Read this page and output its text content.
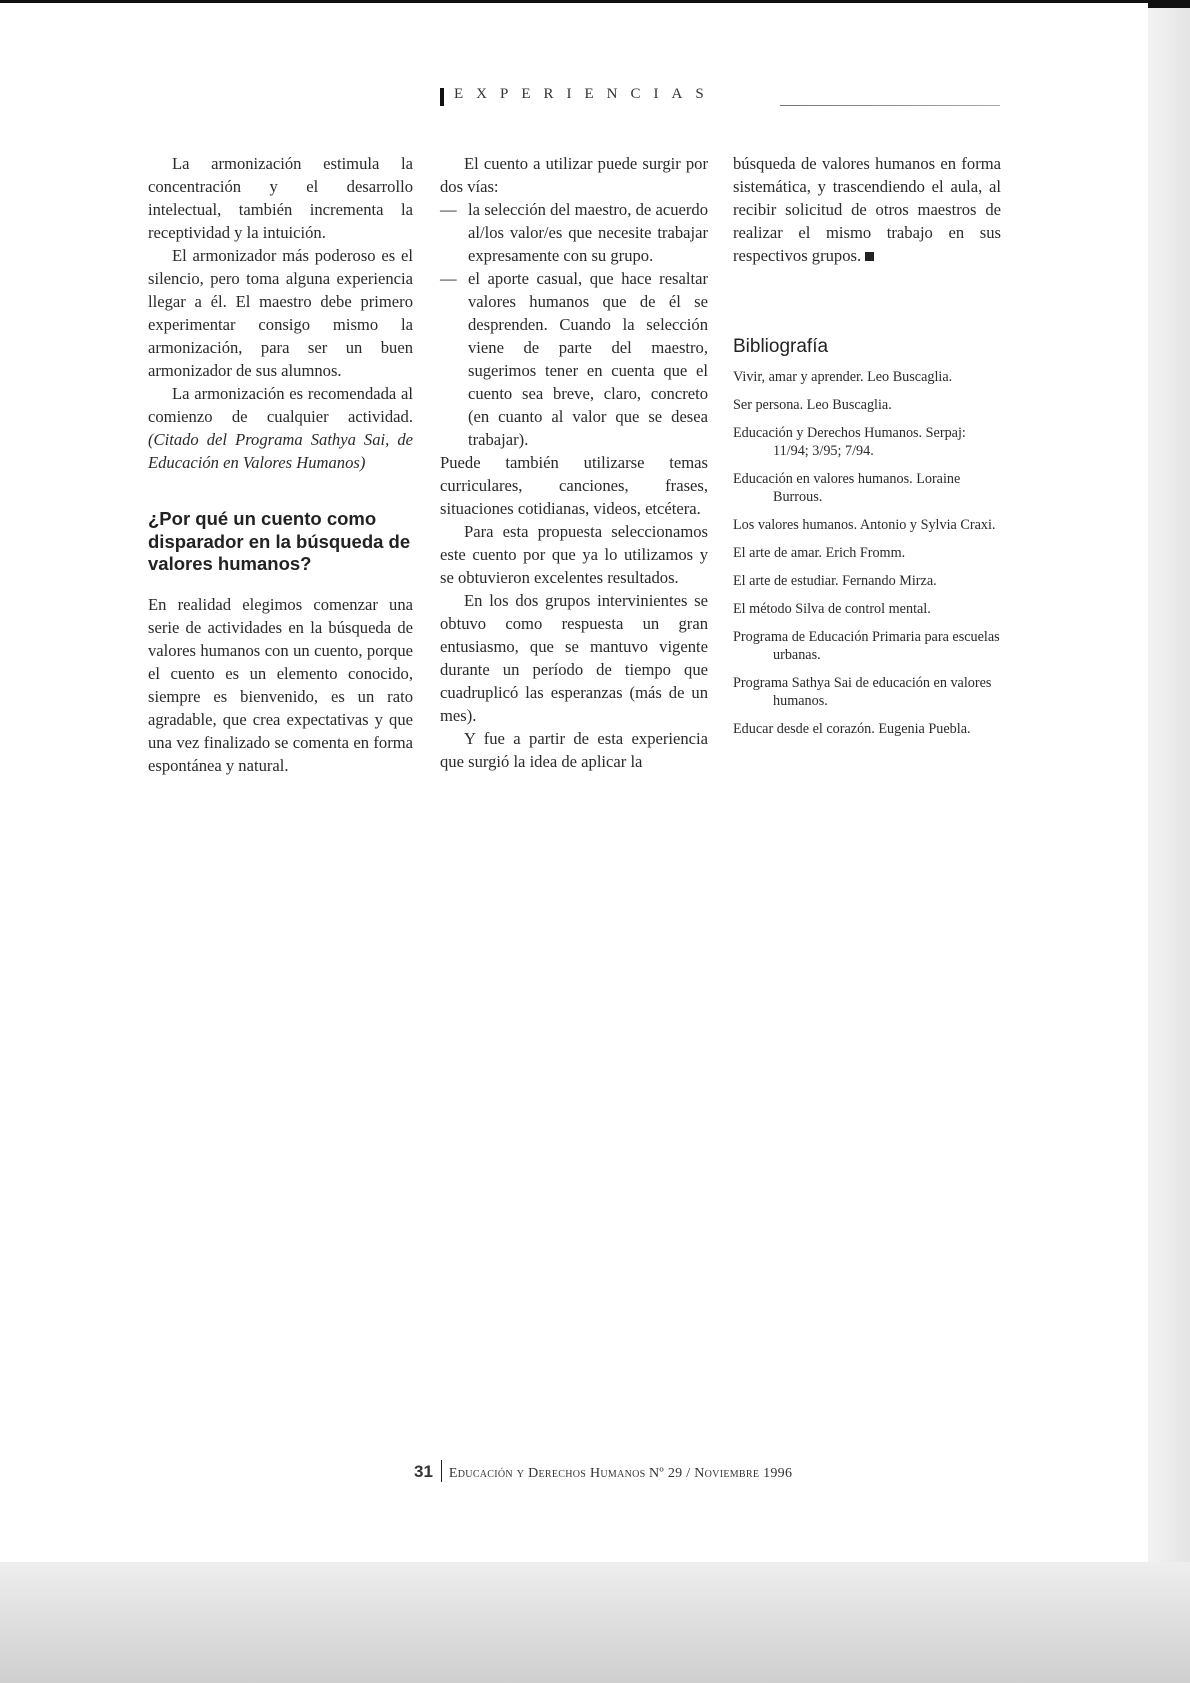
EXPERIENCIAS

La armonización estimula la concentración y el desarrollo intelectual, también incrementa la receptividad y la intuición.

El armonizador más poderoso es el silencio, pero toma alguna experiencia llegar a él. El maestro debe primero experimentar consigo mismo la armonización, para ser un buen armonizador de sus alumnos.

La armonización es recomendada al comienzo de cualquier actividad. (Citado del Programa Sathya Sai, de Educación en Valores Humanos)

¿Por qué un cuento como disparador en la búsqueda de valores humanos?

En realidad elegimos comenzar una serie de actividades en la búsqueda de valores humanos con un cuento, porque el cuento es un elemento conocido, siempre es bienvenido, es un rato agradable, que crea expectativas y que una vez finalizado se comenta en forma espontánea y natural.

El cuento a utilizar puede surgir por dos vías:

— la selección del maestro, de acuerdo al/los valor/es que necesite trabajar expresamente con su grupo.
— el aporte casual, que hace resaltar valores humanos que de él se desprenden. Cuando la selección viene de parte del maestro, sugerimos tener en cuenta que el cuento sea breve, claro, concreto (en cuanto al valor que se desea trabajar).

Puede también utilizarse temas curriculares, canciones, frases, situaciones cotidianas, videos, etcétera.

Para esta propuesta seleccionamos este cuento por que ya lo utilizamos y se obtuvieron excelentes resultados.

En los dos grupos intervinientes se obtuvo como respuesta un gran entusiasmo, que se mantuvo vigente durante un período de tiempo que cuadruplicó las esperanzas (más de un mes).

Y fue a partir de esta experiencia que surgió la idea de aplicar la

búsqueda de valores humanos en forma sistemática, y trascendiendo el aula, al recibir solicitud de otros maestros de realizar el mismo trabajo en sus respectivos grupos.

Bibliografía

Vivir, amar y aprender. Leo Buscaglia.
Ser persona. Leo Buscaglia.
Educación y Derechos Humanos. Serpaj: 11/94; 3/95; 7/94.
Educación en valores humanos. Loraine Burrous.
Los valores humanos. Antonio y Sylvia Craxi.
El arte de amar. Erich Fromm.
El arte de estudiar. Fernando Mirza.
El método Silva de control mental.
Programa de Educación Primaria para escuelas urbanas.
Programa Sathya Sai de educación en valores humanos.
Educar desde el corazón. Eugenia Puebla.
31 Educación y Derechos Humanos Nº 29 / Noviembre 1996
